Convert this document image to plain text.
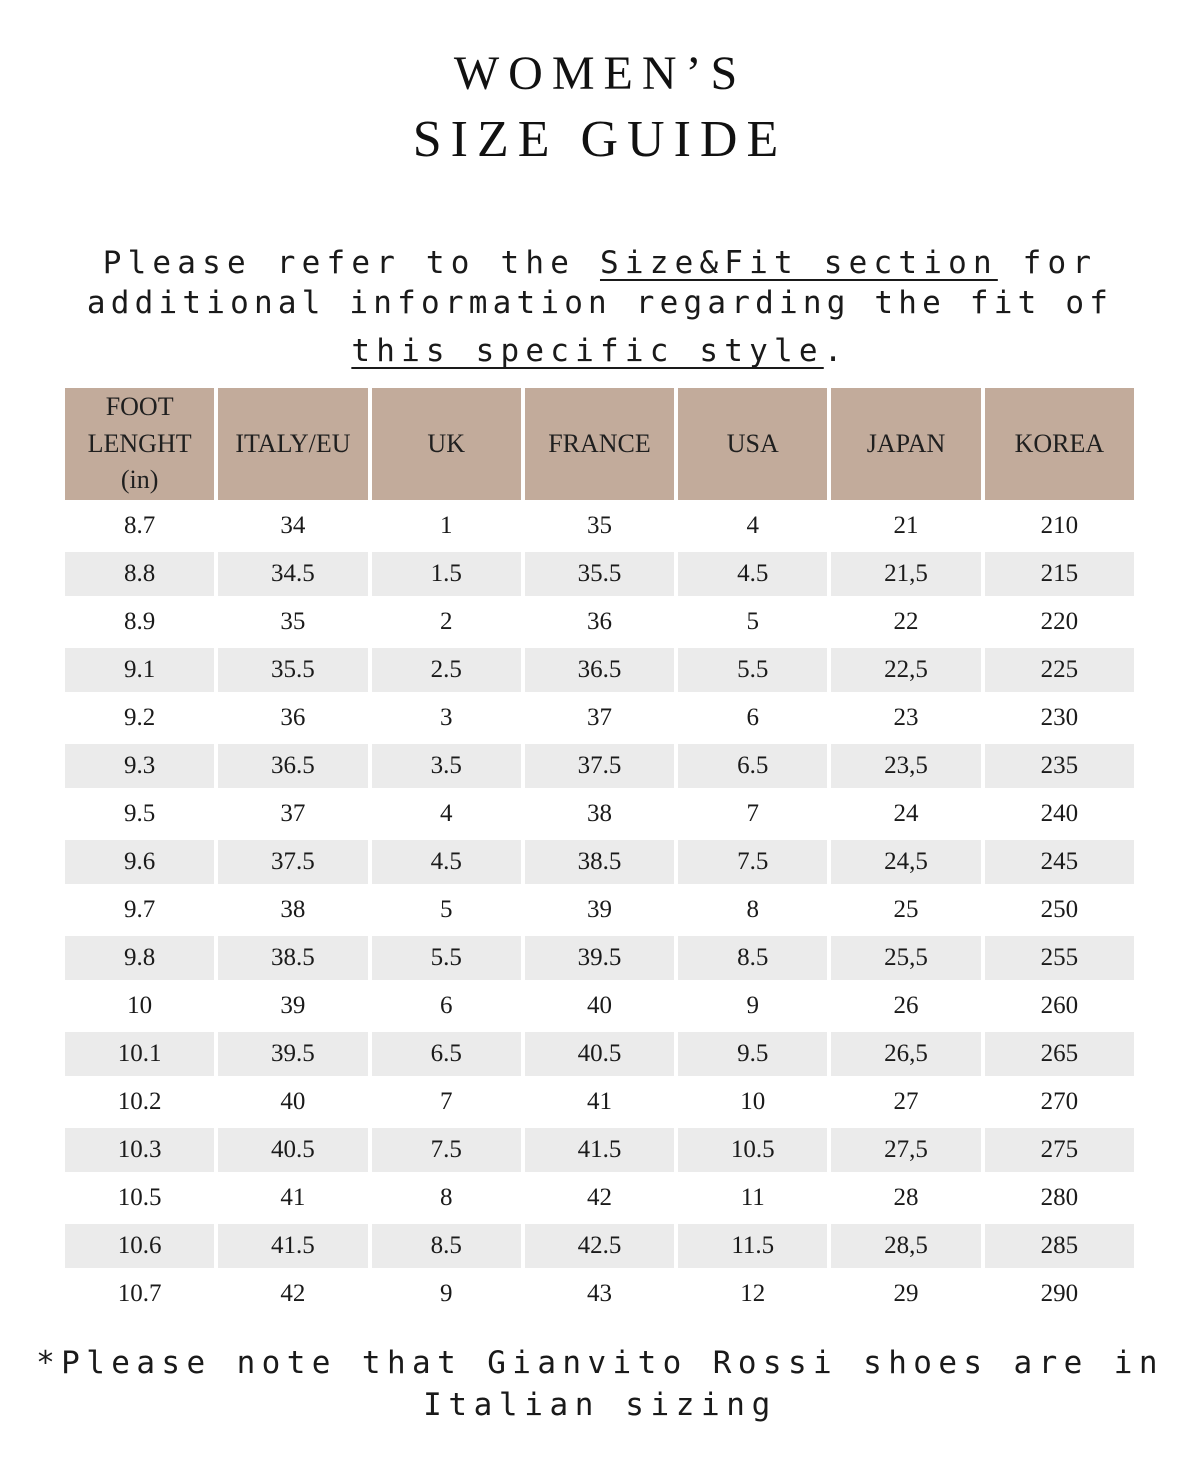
WOMEN’S
SIZE GUIDE
Please refer to the Size&Fit section for
additional information regarding the fit of
this specific style.
FOOT
LENGHT
(in)	ITALY/EU	UK	FRANCE	USA	JAPAN	KOREA
8.7	34	1	35	4	21	210
8.8	34.5	1.5	35.5	4.5	21,5	215
8.9	35	2	36	5	22	220
9.1	35.5	2.5	36.5	5.5	22,5	225
9.2	36	3	37	6	23	230
9.3	36.5	3.5	37.5	6.5	23,5	235
9.5	37	4	38	7	24	240
9.6	37.5	4.5	38.5	7.5	24,5	245
9.7	38	5	39	8	25	250
9.8	38.5	5.5	39.5	8.5	25,5	255
10	39	6	40	9	26	260
10.1	39.5	6.5	40.5	9.5	26,5	265
10.2	40	7	41	10	27	270
10.3	40.5	7.5	41.5	10.5	27,5	275
10.5	41	8	42	11	28	280
10.6	41.5	8.5	42.5	11.5	28,5	285
10.7	42	9	43	12	29	290
*Please note that Gianvito Rossi shoes are in
Italian sizing
